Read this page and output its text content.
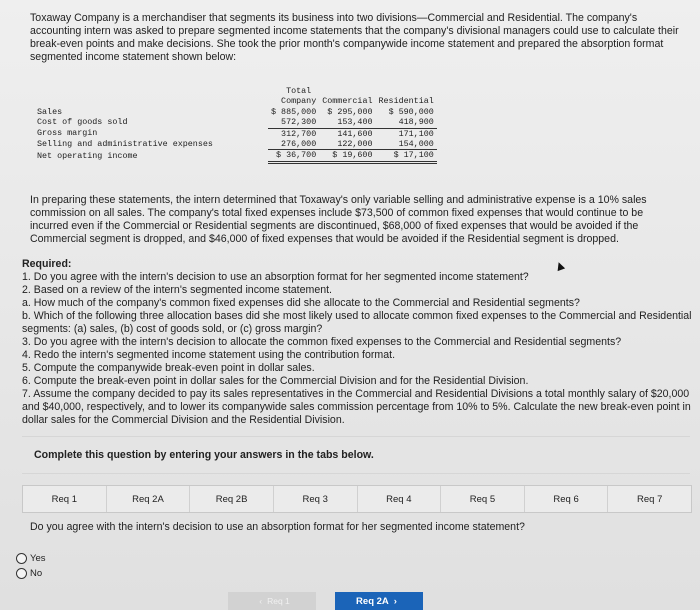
Toxaway Company is a merchandiser that segments its business into two divisions—Commercial and Residential. The company's accounting intern was asked to prepare segmented income statements that the company's divisional managers could use to calculate their break-even points and make decisions. She took the prior month's companywide income statement and prepared the absorption format segmented income statement shown below:
	Total
Company	Commercial	Residential
Sales	$ 885,000	$ 295,000	$ 590,000
Cost of goods sold	572,300	153,400	418,900
Gross margin	312,700	141,600	171,100
Selling and administrative expenses	276,000	122,000	154,000
Net operating income	$ 36,700	$ 19,600	$ 17,100
In preparing these statements, the intern determined that Toxaway's only variable selling and administrative expense is a 10% sales commission on all sales. The company's total fixed expenses include $73,500 of common fixed expenses that would continue to be incurred even if the Commercial or Residential segments are discontinued, $68,000 of fixed expenses that would be avoided if the Commercial segment is dropped, and $46,000 of fixed expenses that would be avoided if the Residential segment is dropped.
Required:
1. Do you agree with the intern's decision to use an absorption format for her segmented income statement?
2. Based on a review of the intern's segmented income statement.
a. How much of the company's common fixed expenses did she allocate to the Commercial and Residential segments?
b. Which of the following three allocation bases did she most likely used to allocate common fixed expenses to the Commercial and Residential segments: (a) sales, (b) cost of goods sold, or (c) gross margin?
3. Do you agree with the intern's decision to allocate the common fixed expenses to the Commercial and Residential segments?
4. Redo the intern's segmented income statement using the contribution format.
5. Compute the companywide break-even point in dollar sales.
6. Compute the break-even point in dollar sales for the Commercial Division and for the Residential Division.
7. Assume the company decided to pay its sales representatives in the Commercial and Residential Divisions a total monthly salary of $20,000 and $40,000, respectively, and to lower its companywide sales commission percentage from 10% to 5%. Calculate the new break-even point in dollar sales for the Commercial Division and the Residential Division.
Complete this question by entering your answers in the tabs below.
Req 1	Req 2A	Req 2B	Req 3	Req 4	Req 5	Req 6	Req 7
Do you agree with the intern's decision to use an absorption format for her segmented income statement?
Yes
No
‹ Req 1	Req 2A ›
